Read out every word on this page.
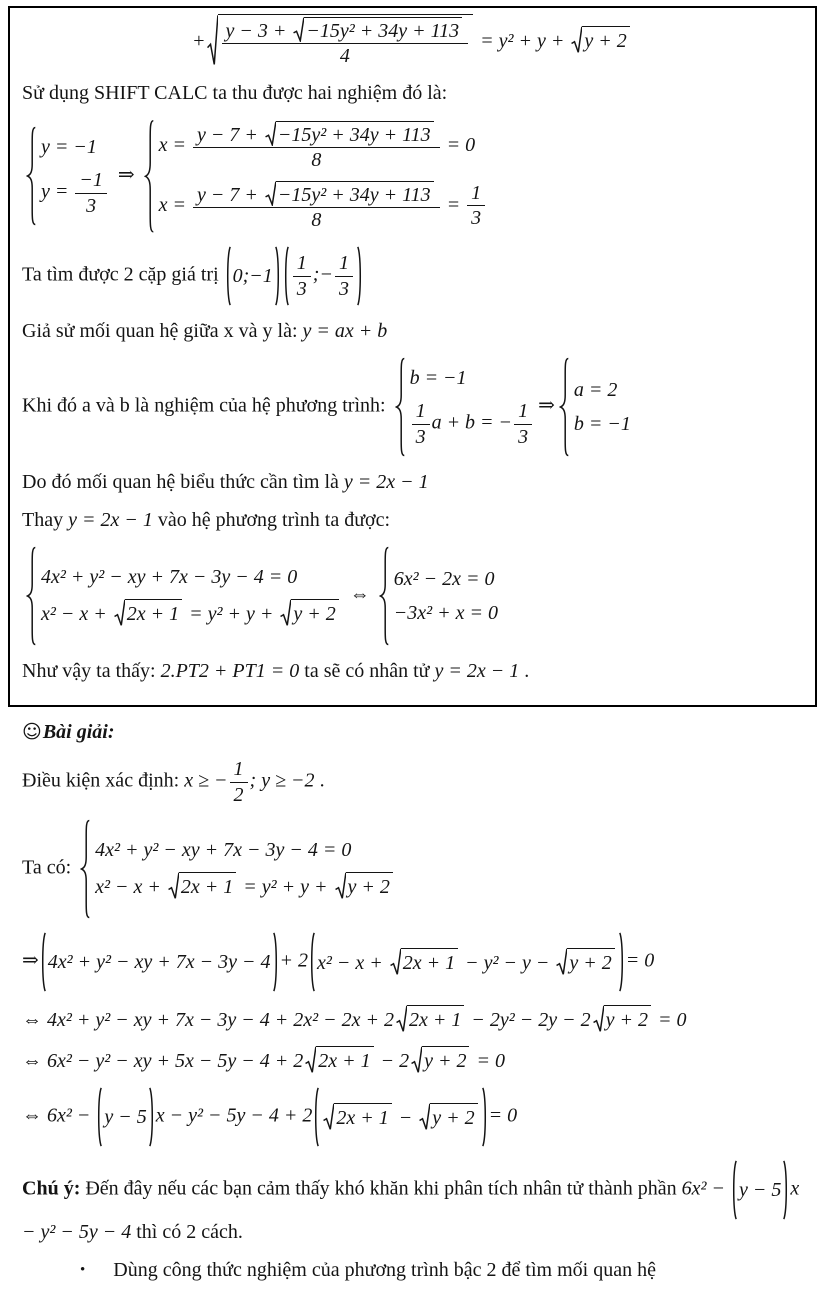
+ y − 3 +
−15y² + 34y + 113
4 = y² + y +
y + 2
Sử dụng SHIFT CALC ta thu được hai nghiệm đó là:
y = −1
$y = \frac{-1}{3}$ ⇒
x = y − 7 +
−15y² + 34y + 113
8 = 0
x = y − 7 +
−15y² + 34y + 113
$8 = \frac{1}{3}$
Ta tìm được 2 cặp giá trị 0;−1 $\frac{1}{3}$ ;− $\frac{1}{3}$
Giả sử mối quan hệ giữa x và y là: y = ax + b
Khi đó a và b là nghiệm của hệ phương trình:
b = −1
$\frac{1}{3}$ a + b = − $\frac{1}{3}$ ⇒
a = 2
b = −1
Do đó mối quan hệ biểu thức cần tìm là y = 2x − 1
Thay y = 2x − 1 vào hệ phương trình ta được:
4x² + y² − xy + 7x − 3y − 4 = 0
x² − x +
2x + 1 = y² + y +
y + 2
⇔
6x² − 2x = 0
−3x² + x = 0
Như vậy ta thấy: 2.PT2 + PT1 = 0 ta sẽ có nhân tử y = 2x − 1 .
☺Bài giải:
Điều kiện xác định: x ≥ − $\frac{1}{2}$ ; y ≥ −2 .
Ta có:
4x² + y² − xy + 7x − 3y − 4 = 0
x² − x +
2x + 1 = y² + y +
y + 2
⇒ 4x² + y² − xy + 7x − 3y − 4 + 2 x² − x +
2x + 1 − y² − y −
y + 2 = 0
⇔ 4x² + y² − xy + 7x − 3y − 4 + 2x² − 2x + 2 2x + 1 − 2y² − 2y − 2 y + 2 = 0
⇔ 6x² − y² − xy + 5x − 5y − 4 + 2 2x + 1 − 2 y + 2 = 0
⇔ 6x² − y − 5 x − y² − 5y − 4 + 2	2x + 1 −
y + 2 = 0
Chú ý: Đến đây nếu các bạn cảm thấy khó khăn khi phân tích nhân tử thành phần 6x² − y − 5 x − y² − 5y − 4 thì có 2 cách.
• Dùng công thức nghiệm của phương trình bậc 2 để tìm mối quan hệ
